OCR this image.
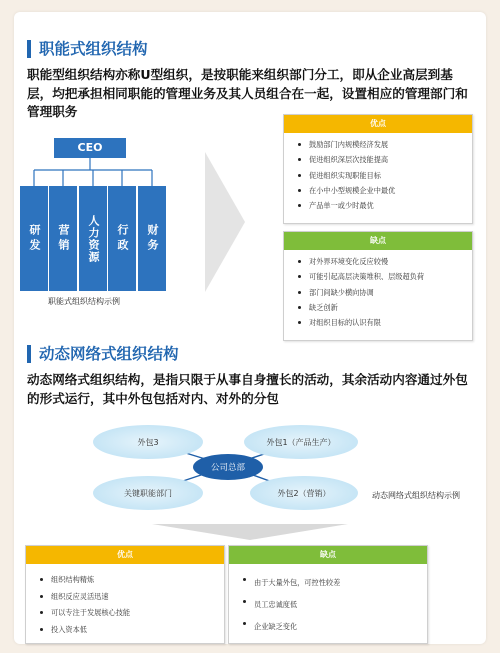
职能式组织结构
职能型组织结构亦称U型组织，是按职能来组织部门分工，即从企业高层到基层，均把承担相同职能的管理业务及其人员组合在一起，设置相应的管理部门和管理职务
CEO
研发 营销 人力资源 行政 财务
职能式组织结构示例
优点
鼓励部门内规模经济发展
促进组织深层次技能提高
促进组织实现职能目标
在小中小型规模企业中最优
产品单一或少时最优
缺点
对外界环境变化反应较慢
可能引起高层决策堆积、层级超负荷
部门间缺少横向协调
缺乏创新
对组织目标的认识有限
动态网络式组织结构
动态网络式组织结构，是指只限于从事自身擅长的活动，其余活动内容通过外包的形式运行，其中外包包括对内、对外的分包
外包3	外包1（产品生产）
关键职能部门	外包2（营销）
公司总部
动态网络式组织结构示例
优点
组织结构精炼
组织反应灵活迅速
可以专注于发展核心技能
投入资本低
缺点
由于大量外包，可控性较差
员工忠诚度低
企业缺乏变化
